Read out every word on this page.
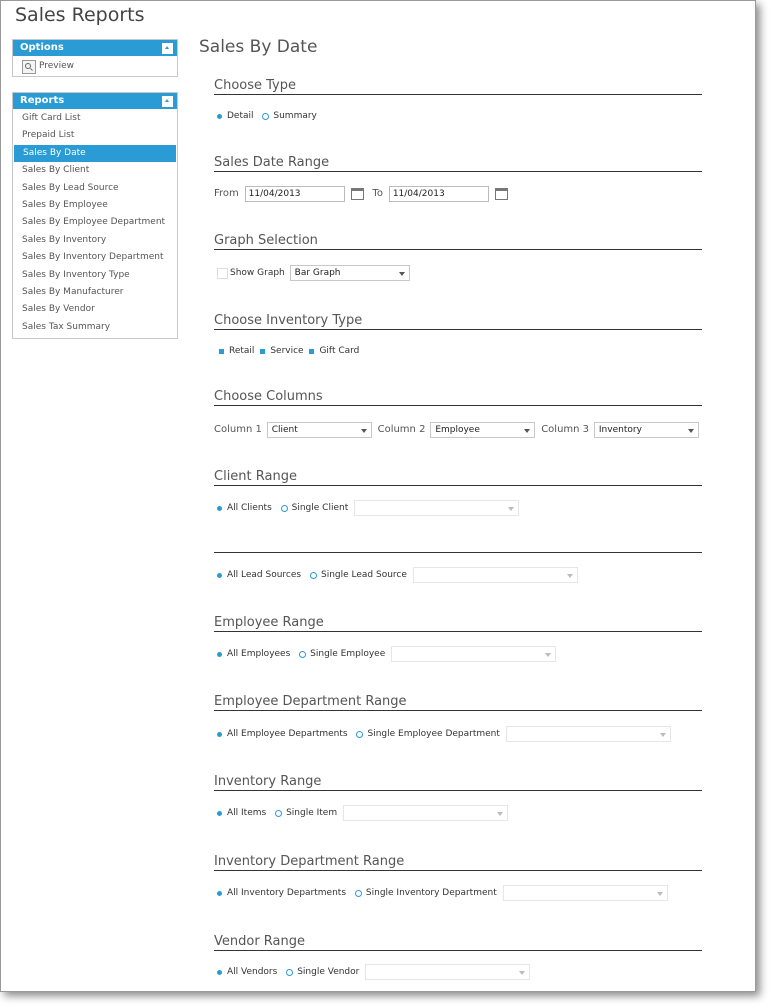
Sales Reports
Options
Preview
Reports
Gift Card List
Prepaid List
Sales By Date
Sales By Client
Sales By Lead Source
Sales By Employee
Sales By Employee Department
Sales By Inventory
Sales By Inventory Department
Sales By Inventory Type
Sales By Manufacturer
Sales By Vendor
Sales Tax Summary
Sales By Date
Choose Type
Detail Summary
Sales Date Range
From 11/04/2013	To 11/04/2013
Graph Selection
Show Graph Bar Graph
Choose Inventory Type
Retail Service Gift Card
Choose Columns
Column 1 Client	Column 2 Employee	Column 3 Inventory
Client Range
All Clients Single Client
All Lead Sources Single Lead Source
Employee Range
All Employees Single Employee
Employee Department Range
All Employee Departments Single Employee Department
Inventory Range
All Items Single Item
Inventory Department Range
All Inventory Departments Single Inventory Department
Vendor Range
All Vendors Single Vendor
